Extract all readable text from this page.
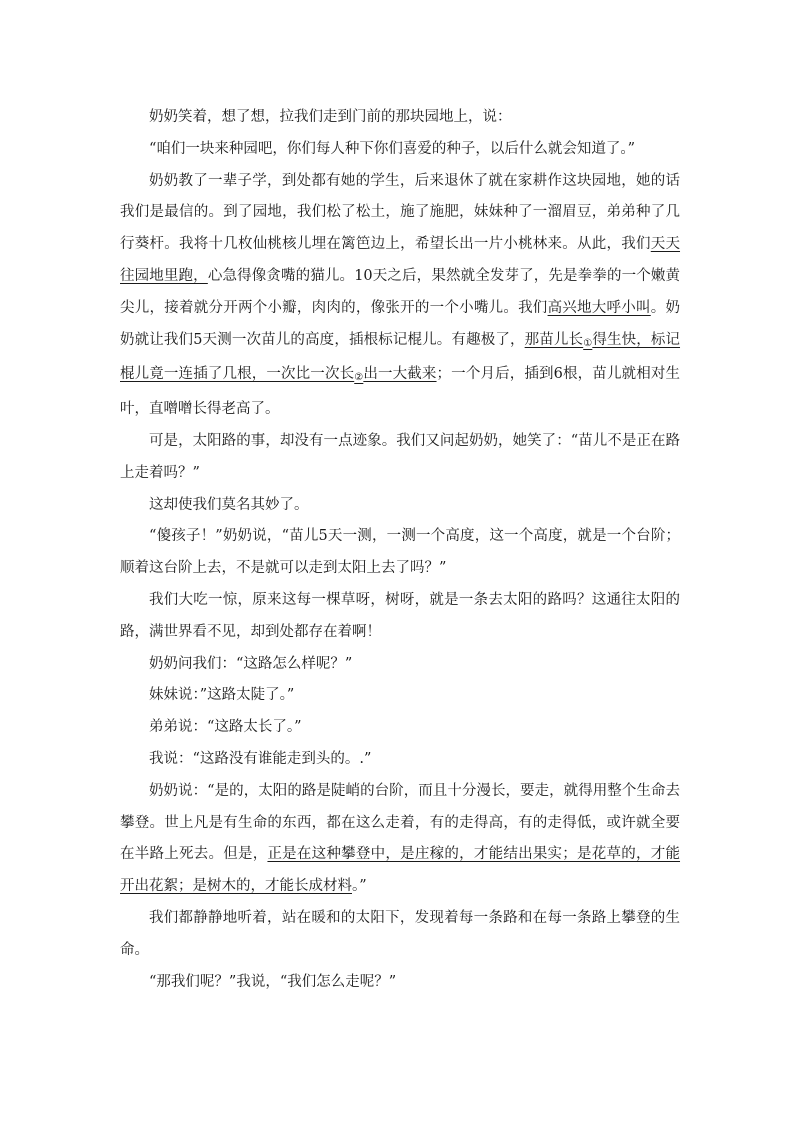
奶奶笑着，想了想，拉我们走到门前的那块园地上，说：

“咱们一块来种园吧，你们每人种下你们喜爱的种子，以后什么就会知道了。”

奶奶教了一辈子学，到处都有她的学生，后来退休了就在家耕作这块园地，她的话我们是最信的。到了园地，我们松了松土，施了施肥，妹妹种了一溜眉豆，弟弟种了几行葵杆。我将十几枚仙桃核儿埋在篱笆边上，希望长出一片小桃林来。从此，我们天天往园地里跑，心急得像贪嘴的猫儿。10天之后，果然就全发芽了，先是拳拳的一个嫩黄尖儿，接着就分开两个小瓣，肉肉的，像张开的一个小嘴儿。我们高兴地大呼小叫。奶奶就让我们5天测一次苗儿的高度，插根标记棍儿。有趣极了，那苗儿长①得生快，标记棍儿竟一连插了几根，一次比一次长②出一大截来；一个月后，插到6根，苗儿就相对生叶，直噌噌长得老高了。

可是，太阳路的事，却没有一点迹象。我们又问起奶奶，她笑了：“苗儿不是正在路上走着吗？”

这却使我们莫名其妙了。

“傻孩子！”奶奶说，“苗儿5天一测，一测一个高度，这一个高度，就是一个台阶；顺着这台阶上去，不是就可以走到太阳上去了吗？”

我们大吃一惊，原来这每一棵草呀，树呀，就是一条去太阳的路吗？这通往太阳的路，满世界看不见，却到处都存在着啊！

奶奶问我们：“这路怎么样呢？”

妹妹说：”这路太陡了。”

弟弟说：“这路太长了。”

我说：“这路没有谁能走到头的。.”

奶奶说：“是的，太阳的路是陡峭的台阶，而且十分漫长，要走，就得用整个生命去攀登。世上凡是有生命的东西，都在这么走着，有的走得高，有的走得低，或许就全要在半路上死去。但是，正是在这种攀登中，是庄稼的，才能结出果实；是花草的，才能开出花絮；是树木的，才能长成材料。”

我们都静静地听着，站在暖和的太阳下，发现着每一条路和在每一条路上攀登的生命。

“那我们呢？”我说，“我们怎么走呢？”
